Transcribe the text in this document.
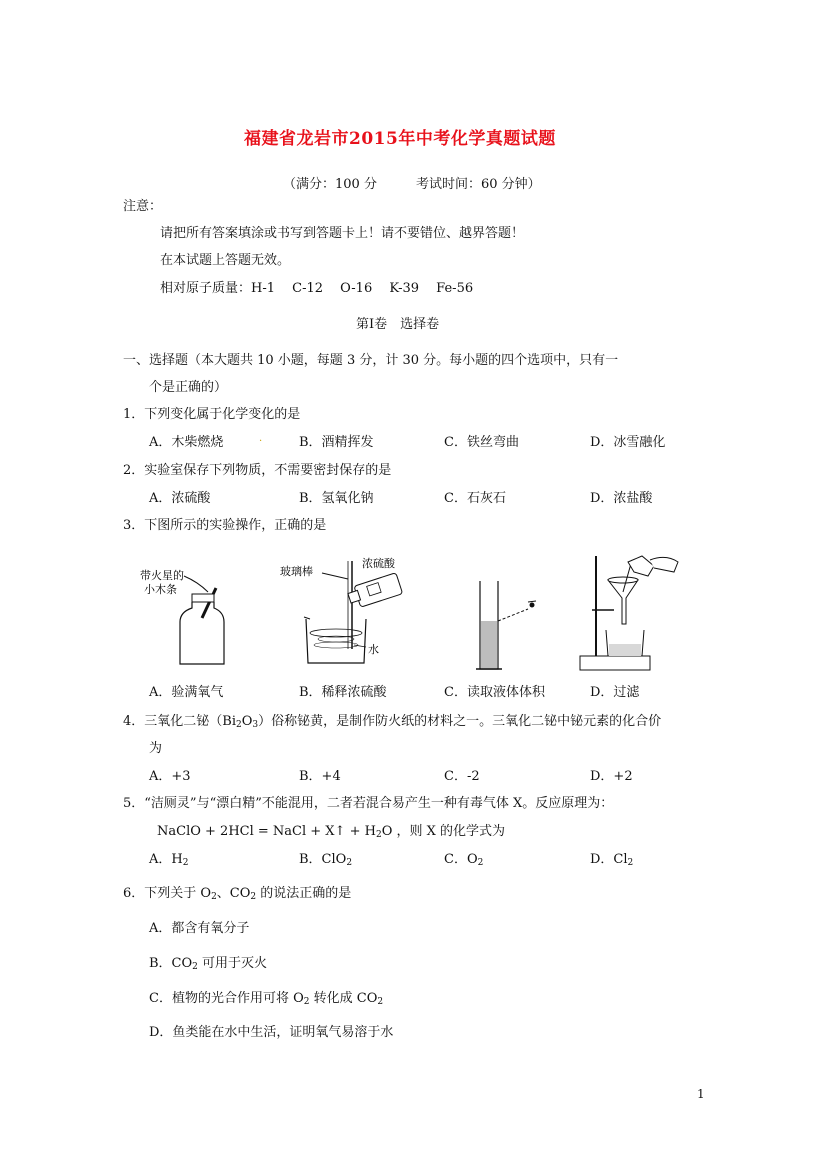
福建省龙岩市2015年中考化学真题试题
（满分：100 分　　　考试时间：60 分钟）
注意：
请把所有答案填涂或书写到答题卡上！请不要错位、越界答题！
在本试题上答题无效。
相对原子质量：H-1　 C-12　 O-16　 K-39　 Fe-56
第Ⅰ卷　选择卷
一、选择题（本大题共 10 小题，每题 3 分，计 30 分。每小题的四个选项中，只有一
个是正确的）
1．下列变化属于化学变化的是
A．木柴燃烧	.	B．酒精挥发	C．铁丝弯曲	D．冰雪融化
2．实验室保存下列物质，不需要密封保存的是
A．浓硫酸	B．氢氧化钠	C．石灰石	D．浓盐酸
3．下图所示的实验操作，正确的是
带火星的
小木条
玻璃棒
浓硫酸
水
A．验满氧气	B．稀释浓硫酸	C．读取液体体积	D．过滤
4．三氧化二铋$(Bi_2O_3)$俗称铋黄，是制作防火纸的材料之一。三氧化二铋中铋元素的化合价
为
A．+3	B．+4	C．-2	D．+2
5．“洁厕灵”与“漂白精”不能混用，二者若混合易产生一种有毒气体 X。反应原理为：
NaClO + 2HCl = NaCl + X↑ + $H_2O$ ，则 X 的化学式为
A．$H_2$	B．ClO$_2$	C．$O_2$	D．$Cl_2$
6．下列关于 $O_2$、$CO_2$ 的说法正确的是
A．都含有氧分子
B．$CO_2$ 可用于灭火
C．植物的光合作用可将 $O_2$ 转化成 $CO_2$
D．鱼类能在水中生活，证明氧气易溶于水
1
